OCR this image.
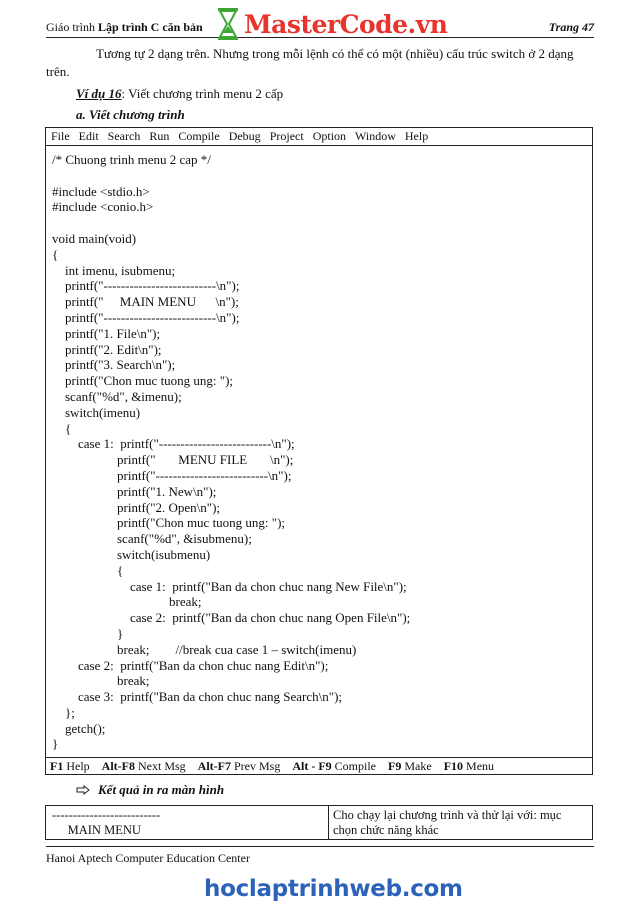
Giáo trình Lập trình C căn bản	Trang 47
MasterCode.vn
Tương tự 2 dạng trên. Nhưng trong mỗi lệnh có thể có một (nhiều) cấu trúc switch ở 2 dạng trên.
Ví dụ 16: Viết chương trình menu 2 cấp
a. Viết chương trình
File Edit Search Run Compile Debug Project Option Window Help
/* Chuong trinh menu 2 cap */

#include <stdio.h>
#include <conio.h>

void main(void)
{
int imenu, isubmenu;
printf("--------------------------\n");
printf("     MAIN MENU      \n");
printf("--------------------------\n");
printf("1. File\n");
printf("2. Edit\n");
printf("3. Search\n");
printf("Chon muc tuong ung: ");
scanf("%d", &imenu);
switch(imenu)
{
case 1:  printf("--------------------------\n");
printf("       MENU FILE       \n");
printf("--------------------------\n");
printf("1. New\n");
printf("2. Open\n");
printf("Chon muc tuong ung: ");
scanf("%d", &isubmenu);
switch(isubmenu)
{
case 1:  printf("Ban da chon chuc nang New File\n");
break;
case 2:  printf("Ban da chon chuc nang Open File\n");
}
break;        //break cua case 1 – switch(imenu)
case 2:  printf("Ban da chon chuc nang Edit\n");
break;
case 3:  printf("Ban da chon chuc nang Search\n");
};
getch();
}
F1 Help Alt-F8 Next Msg Alt-F7 Prev Msg Alt - F9 Compile F9 Make F10 Menu
Kết quả in ra màn hình
--------------------------
MAIN MENU
Cho chạy lại chương trình và thử lại với: mục chọn chức năng khác
Hanoi Aptech Computer Education Center
hoclaptrinhweb.com
